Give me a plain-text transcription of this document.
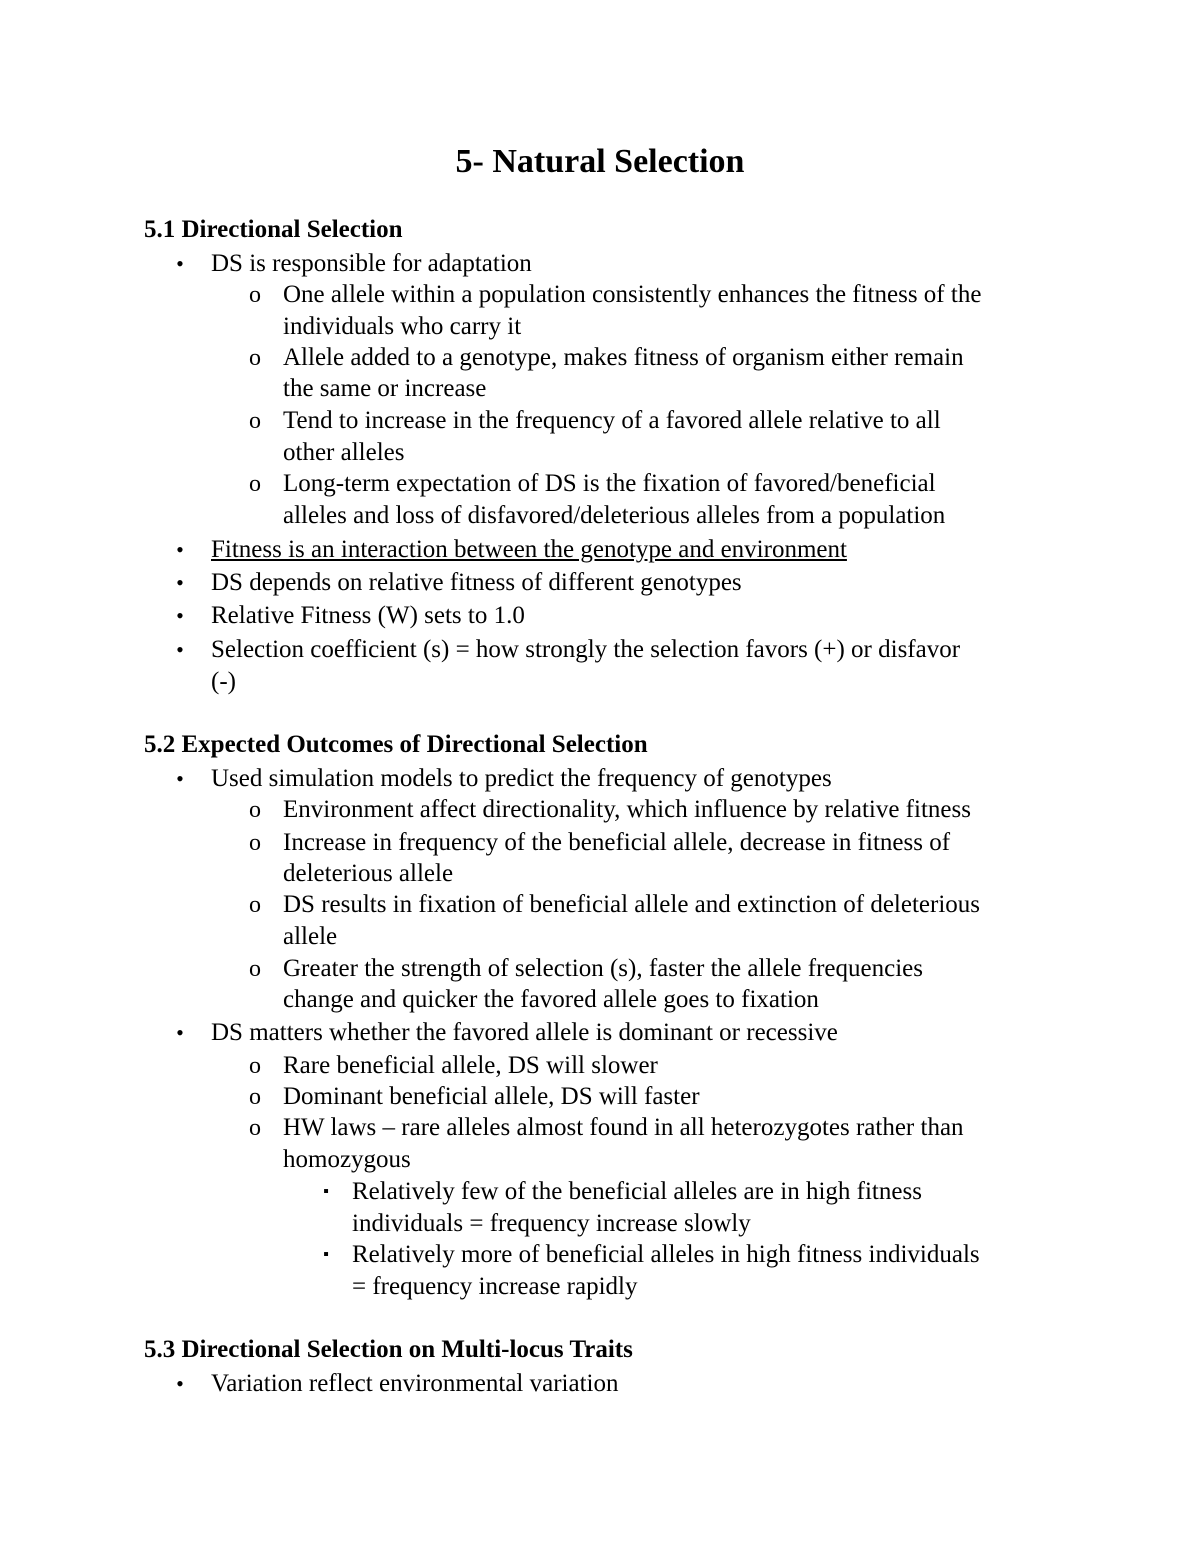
5- Natural Selection
5.1 Directional Selection
•	DS is responsible for adaptation
o One allele within a population consistently enhances the fitness of the
individuals who carry it
o Allele added to a genotype, makes fitness of organism either remain
the same or increase
o Tend to increase in the frequency of a favored allele relative to all
other alleles
o Long-term expectation of DS is the fixation of favored/beneficial
alleles and loss of disfavored/deleterious alleles from a population
•	Fitness is an interaction between the genotype and environment
•	DS depends on relative fitness of different genotypes
•	Relative Fitness (W) sets to 1.0
•	Selection coefficient (s) = how strongly the selection favors (+) or disfavor
(-)
5.2 Expected Outcomes of Directional Selection
•	Used simulation models to predict the frequency of genotypes
o Environment affect directionality, which influence by relative fitness
o Increase in frequency of the beneficial allele, decrease in fitness of
deleterious allele
o DS results in fixation of beneficial allele and extinction of deleterious
allele
o Greater the strength of selection (s), faster the allele frequencies
change and quicker the favored allele goes to fixation
•	DS matters whether the favored allele is dominant or recessive
o Rare beneficial allele, DS will slower
o Dominant beneficial allele, DS will faster
o HW laws – rare alleles almost found in all heterozygotes rather than
homozygous
▪ Relatively few of the beneficial alleles are in high fitness
individuals = frequency increase slowly
▪ Relatively more of beneficial alleles in high fitness individuals
= frequency increase rapidly
5.3 Directional Selection on Multi-locus Traits
•	Variation reflect environmental variation
